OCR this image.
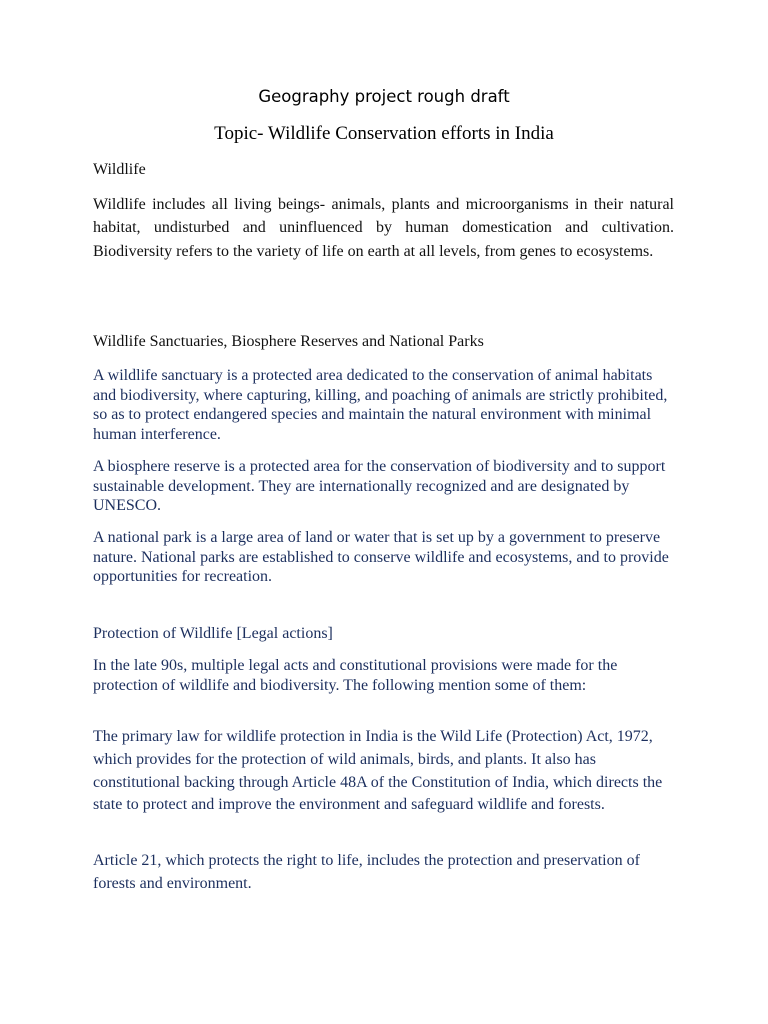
Geography project rough draft

Topic- Wildlife Conservation efforts in India

Wildlife

Wildlife includes all living beings- animals, plants and microorganisms in their natural habitat, undisturbed and uninfluenced by human domestication and cultivation. Biodiversity refers to the variety of life on earth at all levels, from genes to ecosystems.

Wildlife Sanctuaries, Biosphere Reserves and National Parks

A wildlife sanctuary is a protected area dedicated to the conservation of animal habitats and biodiversity, where capturing, killing, and poaching of animals are strictly prohibited, so as to protect endangered species and maintain the natural environment with minimal human interference.

A biosphere reserve is a protected area for the conservation of biodiversity and to support sustainable development. They are internationally recognized and are designated by UNESCO.

A national park is a large area of land or water that is set up by a government to preserve nature. National parks are established to conserve wildlife and ecosystems, and to provide opportunities for recreation.

Protection of Wildlife [Legal actions]

In the late 90s, multiple legal acts and constitutional provisions were made for the protection of wildlife and biodiversity. The following mention some of them:

The primary law for wildlife protection in India is the Wild Life (Protection) Act, 1972, which provides for the protection of wild animals, birds, and plants. It also has constitutional backing through Article 48A of the Constitution of India, which directs the state to protect and improve the environment and safeguard wildlife and forests.

Article 21, which protects the right to life, includes the protection and preservation of forests and environment.
